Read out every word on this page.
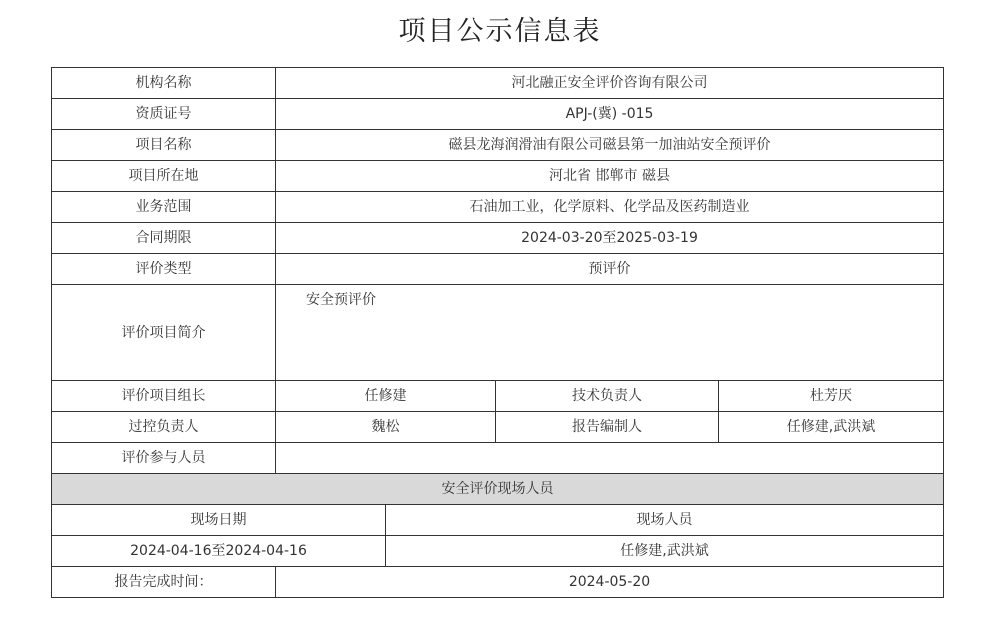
项目公示信息表
机构名称	河北融正安全评价咨询有限公司			
资质证号	APJ-(冀) -015			
项目名称	磁县龙海润滑油有限公司磁县第一加油站安全预评价			
项目所在地	河北省 邯郸市 磁县			
业务范围	石油加工业，化学原料、化学品及医药制造业			
合同期限	2024-03-20至2025-03-19			
评价类型	预评价			
评价项目简介	安全预评价			
评价项目组长	任修建		技术负责人	杜芳厌
过控负责人	魏松		报告编制人	任修建,武洪斌
评价参与人员				
安全评价现场人员				
现场日期		现场人员		
2024-04-16至2024-04-16		任修建,武洪斌		
报告完成时间：	2024-05-20			
